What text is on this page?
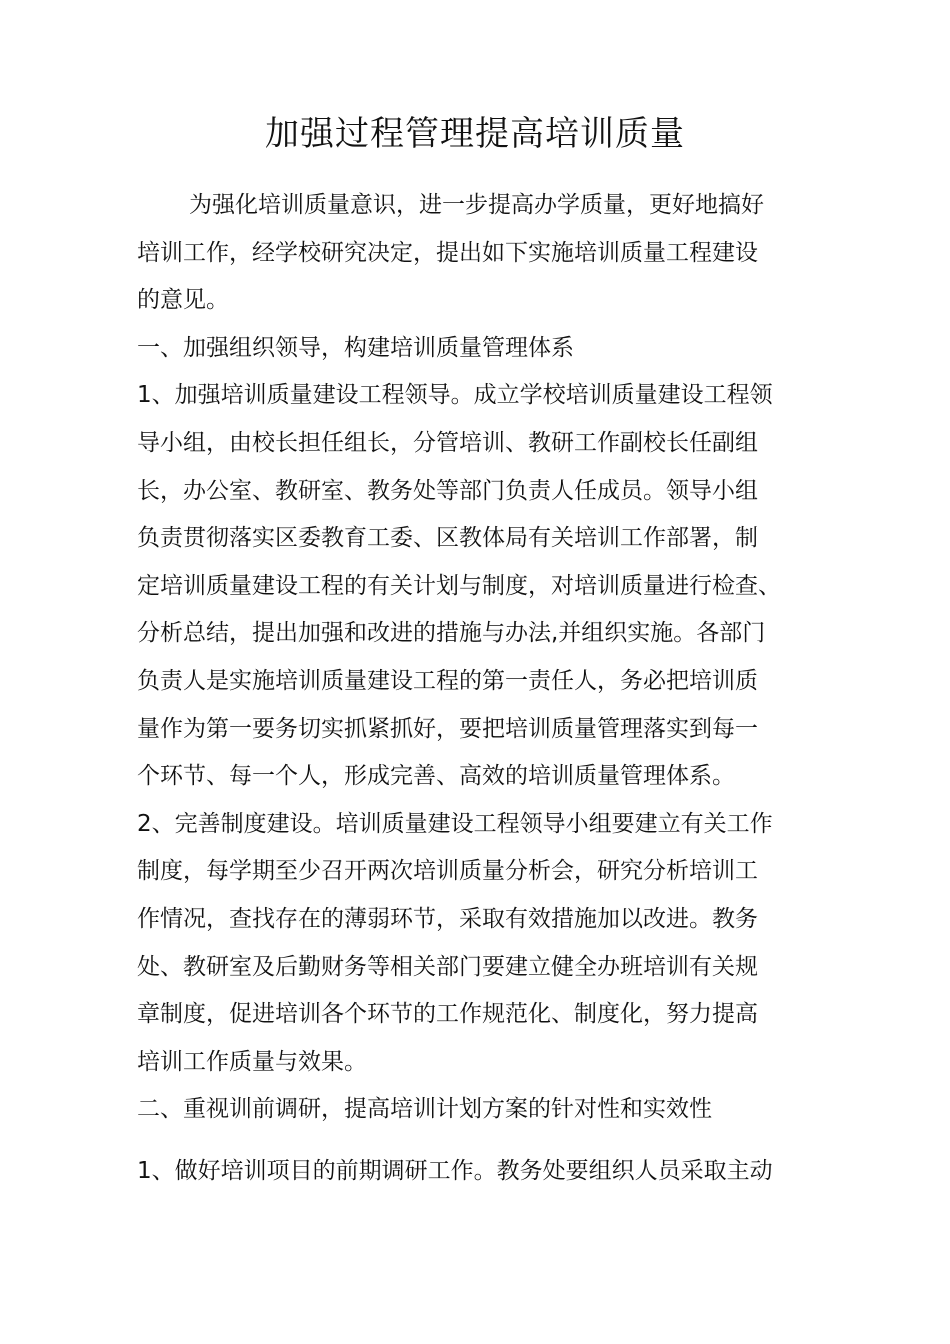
加强过程管理提高培训质量
为强化培训质量意识，进一步提高办学质量，更好地搞好
培训工作，经学校研究决定，提出如下实施培训质量工程建设
的意见。
一、加强组织领导，构建培训质量管理体系
1、加强培训质量建设工程领导。成立学校培训质量建设工程领
导小组，由校长担任组长，分管培训、教研工作副校长任副组
长，办公室、教研室、教务处等部门负责人任成员。领导小组
负责贯彻落实区委教育工委、区教体局有关培训工作部署，制
定培训质量建设工程的有关计划与制度，对培训质量进行检查、
分析总结，提出加强和改进的措施与办法,并组织实施。各部门
负责人是实施培训质量建设工程的第一责任人，务必把培训质
量作为第一要务切实抓紧抓好，要把培训质量管理落实到每一
个环节、每一个人，形成完善、高效的培训质量管理体系。
2、完善制度建设。培训质量建设工程领导小组要建立有关工作
制度，每学期至少召开两次培训质量分析会，研究分析培训工
作情况，查找存在的薄弱环节，采取有效措施加以改进。教务
处、教研室及后勤财务等相关部门要建立健全办班培训有关规
章制度，促进培训各个环节的工作规范化、制度化，努力提高
培训工作质量与效果。
二、重视训前调研，提高培训计划方案的针对性和实效性
1、做好培训项目的前期调研工作。教务处要组织人员采取主动
